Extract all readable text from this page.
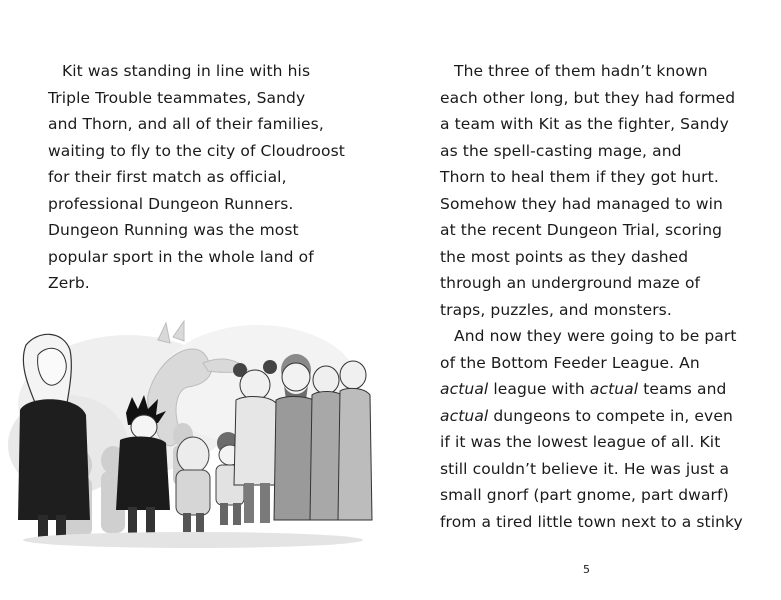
Kit was standing in line with his
Triple Trouble teammates, Sandy
and Thorn, and all of their families,
waiting to fly to the city of Cloudroost
for their first match as official,
professional Dungeon Runners.
Dungeon Running was the most
popular sport in the whole land of
Zerb.
The three of them hadn’t known
each other long, but they had formed
a team with Kit as the fighter, Sandy
as the spell-casting mage, and
Thorn to heal them if they got hurt.
Somehow they had managed to win
at the recent Dungeon Trial, scoring
the most points as they dashed
through an underground maze of
traps, puzzles, and monsters.
And now they were going to be part
of the Bottom Feeder League. An
actual league with actual teams and
actual dungeons to compete in, even
if it was the lowest league of all. Kit
still couldn’t believe it. He was just a
small gnorf (part gnome, part dwarf)
from a tired little town next to a stinky
5
